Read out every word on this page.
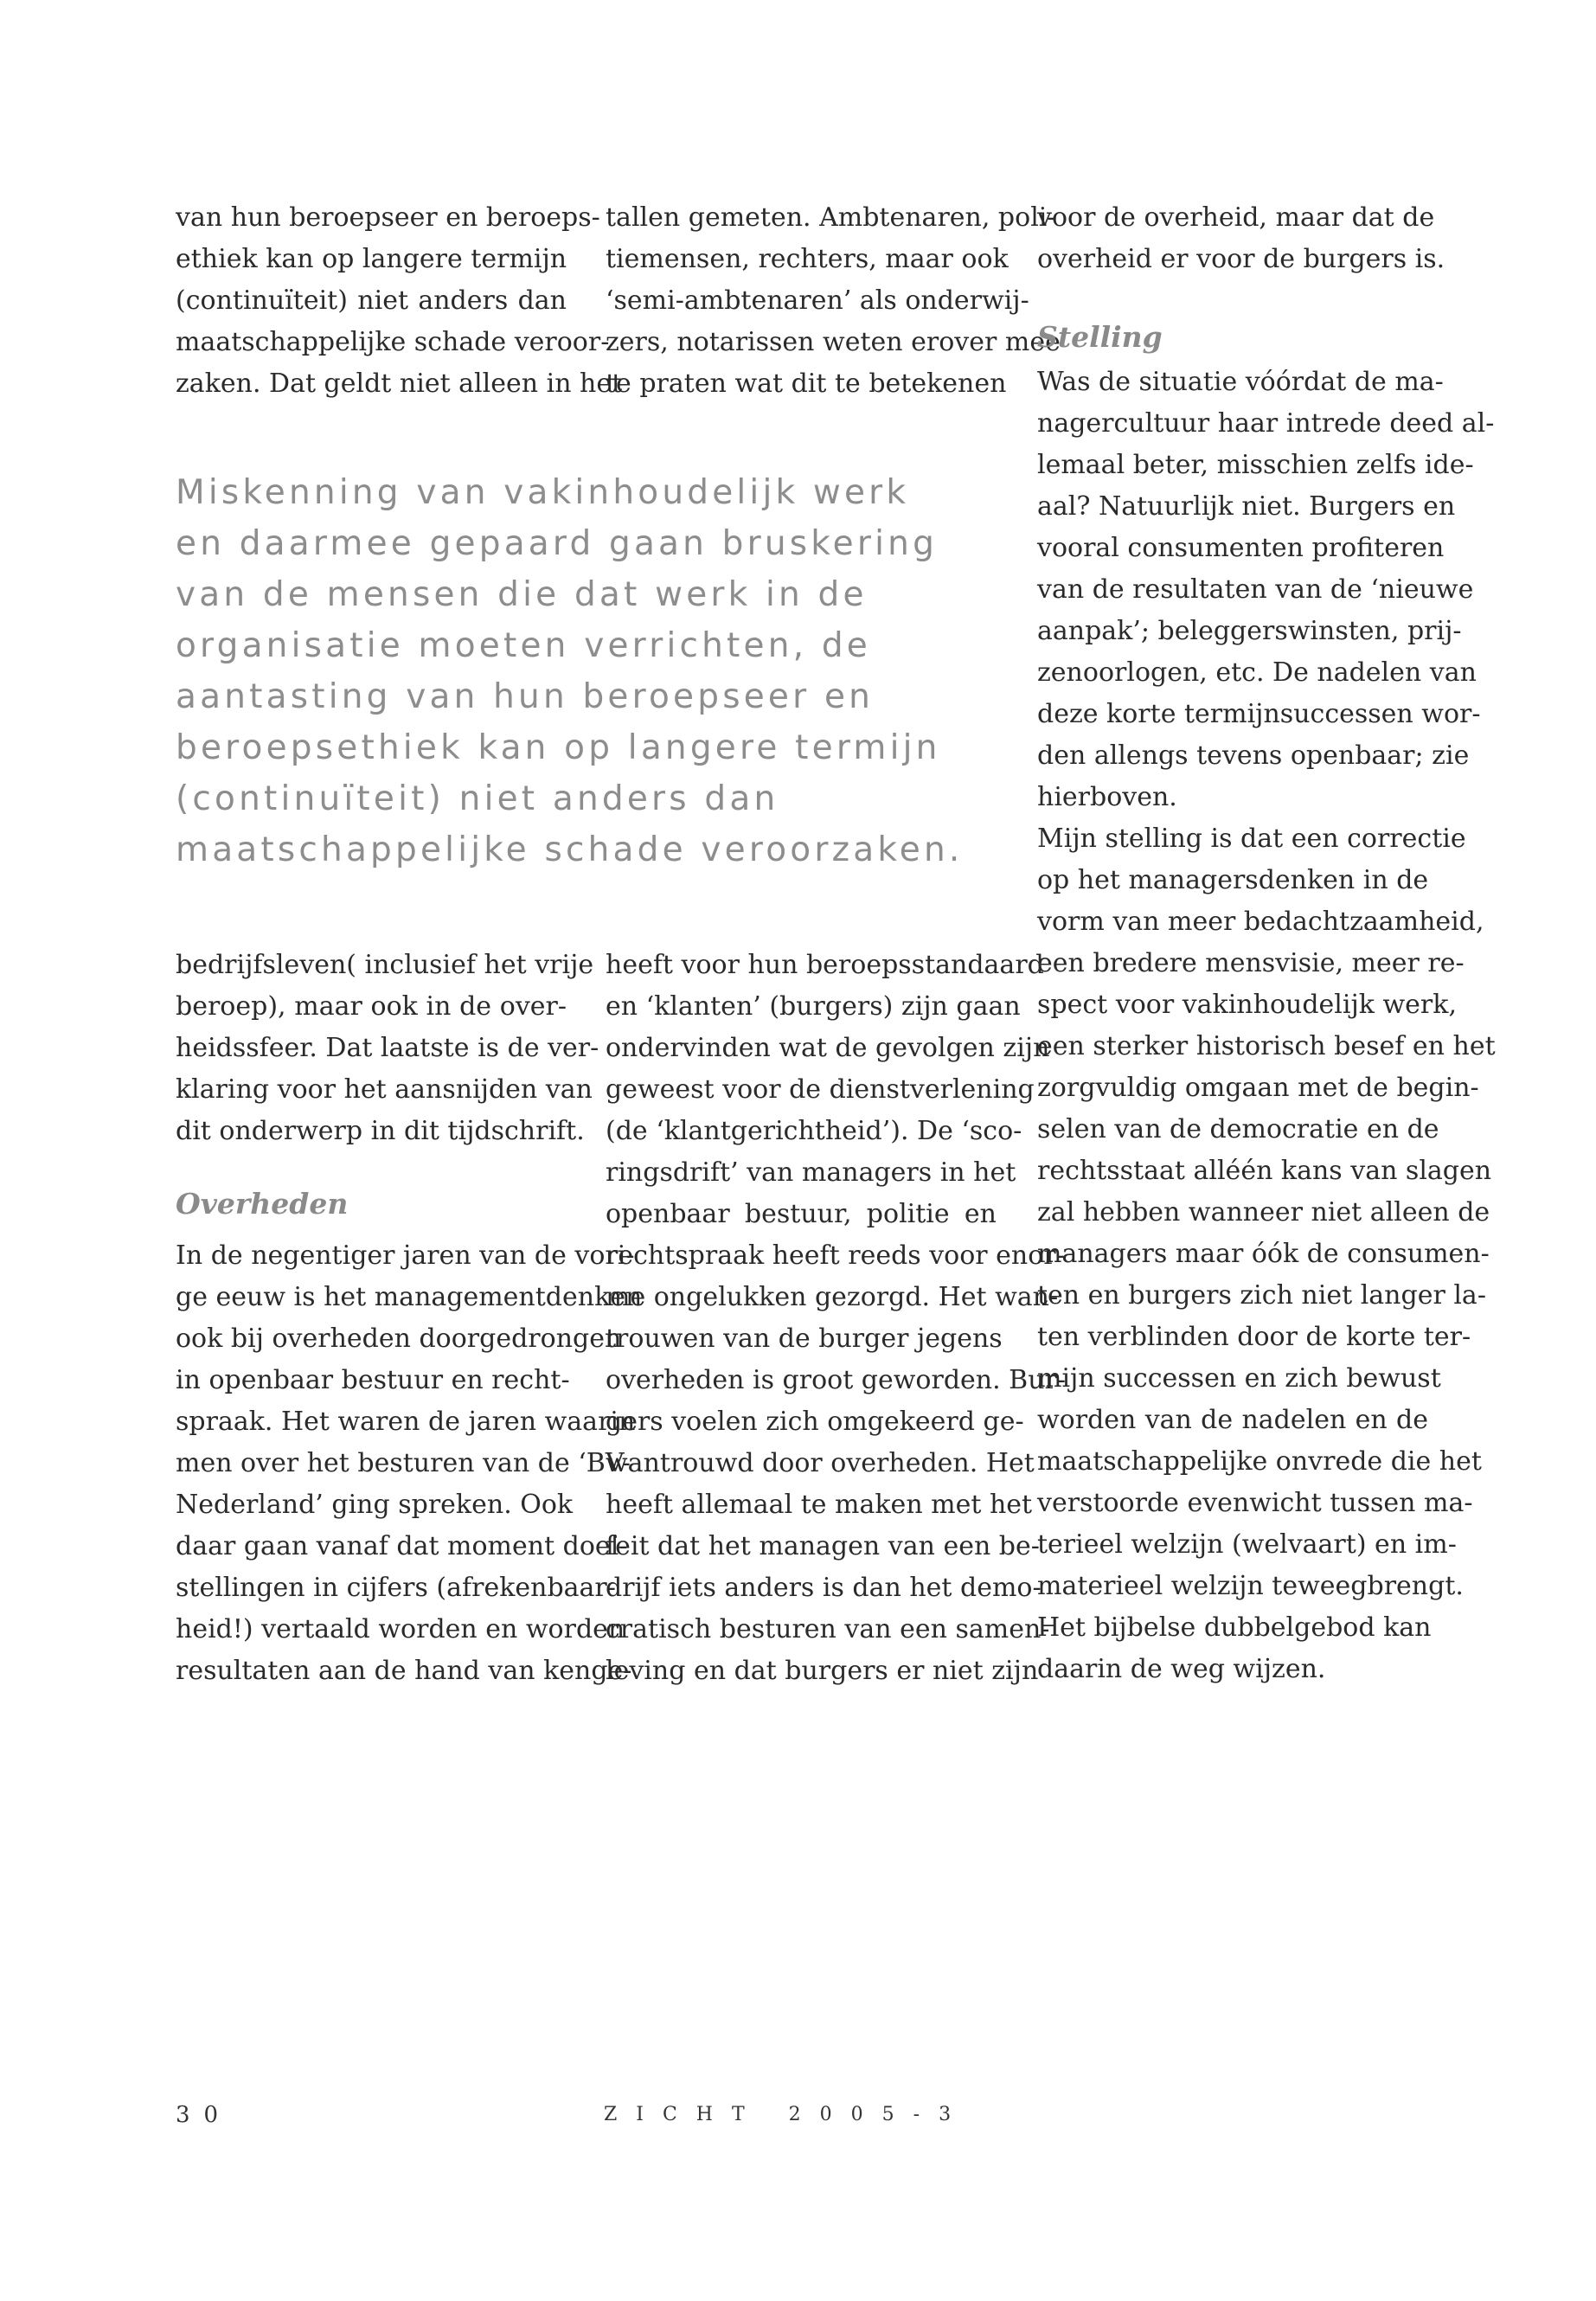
van hun beroepseer en beroeps-
ethiek kan op langere termijn
(continuïteit) niet anders dan
maatschappelijke schade veroor-
zaken. Dat geldt niet alleen in het
tallen gemeten. Ambtenaren, poli-
tiemensen, rechters, maar ook
‘semi-ambtenaren’ als onderwij-
zers, notarissen weten erover mee
te praten wat dit te betekenen
Miskenning van vakinhoudelijk werk
en daarmee gepaard gaan bruskering
van de mensen die dat werk in de
organisatie moeten verrichten, de
aantasting van hun beroepseer en
beroepsethiek kan op langere termijn
(continuïteit) niet anders dan
maatschappelijke schade veroorzaken.
bedrijfsleven( inclusief het vrije
beroep), maar ook in de over-
heidssfeer. Dat laatste is de ver-
klaring voor het aansnijden van
dit onderwerp in dit tijdschrift.
Overheden
In de negentiger jaren van de vori-
ge eeuw is het managementdenken
ook bij overheden doorgedrongen
in openbaar bestuur en recht-
spraak. Het waren de jaren waarin
men over het besturen van de ‘BV-
Nederland’ ging spreken. Ook
daar gaan vanaf dat moment doel-
stellingen in cijfers (afrekenbaar-
heid!) vertaald worden en worden
resultaten aan de hand van kenge-
heeft voor hun beroepsstandaard
en ‘klanten’ (burgers) zijn gaan
ondervinden wat de gevolgen zijn
geweest voor de dienstverlening
(de ‘klantgerichtheid’). De ‘sco-
ringsdrift’ van managers in het
openbaar bestuur, politie en
rechtspraak heeft reeds voor enor-
me ongelukken gezorgd. Het wan-
trouwen van de burger jegens
overheden is groot geworden. Bur-
gers voelen zich omgekeerd ge-
wantrouwd door overheden. Het
heeft allemaal te maken met het
feit dat het managen van een be-
drijf iets anders is dan het demo-
cratisch besturen van een samen-
leving en dat burgers er niet zijn
voor de overheid, maar dat de
overheid er voor de burgers is.
Stelling
Was de situatie vóórdat de ma-
nagercultuur haar intrede deed al-
lemaal beter, misschien zelfs ide-
aal? Natuurlijk niet. Burgers en
vooral consumenten profiteren
van de resultaten van de ‘nieuwe
aanpak’; beleggerswinsten, prij-
zenoorlogen, etc. De nadelen van
deze korte termijnsuccessen wor-
den allengs tevens openbaar; zie
hierboven.
Mijn stelling is dat een correctie
op het managersdenken in de
vorm van meer bedachtzaamheid,
een bredere mensvisie, meer re-
spect voor vakinhoudelijk werk,
een sterker historisch besef en het
zorgvuldig omgaan met de begin-
selen van de democratie en de
rechtsstaat alléén kans van slagen
zal hebben wanneer niet alleen de
managers maar óók de consumen-
ten en burgers zich niet langer la-
ten verblinden door de korte ter-
mijn successen en zich bewust
worden van de nadelen en de
maatschappelijke onvrede die het
verstoorde evenwicht tussen ma-
terieel welzijn (welvaart) en im-
materieel welzijn teweegbrengt.
Het bijbelse dubbelgebod kan
daarin de weg wijzen.

30	ZICHT 2005-3
